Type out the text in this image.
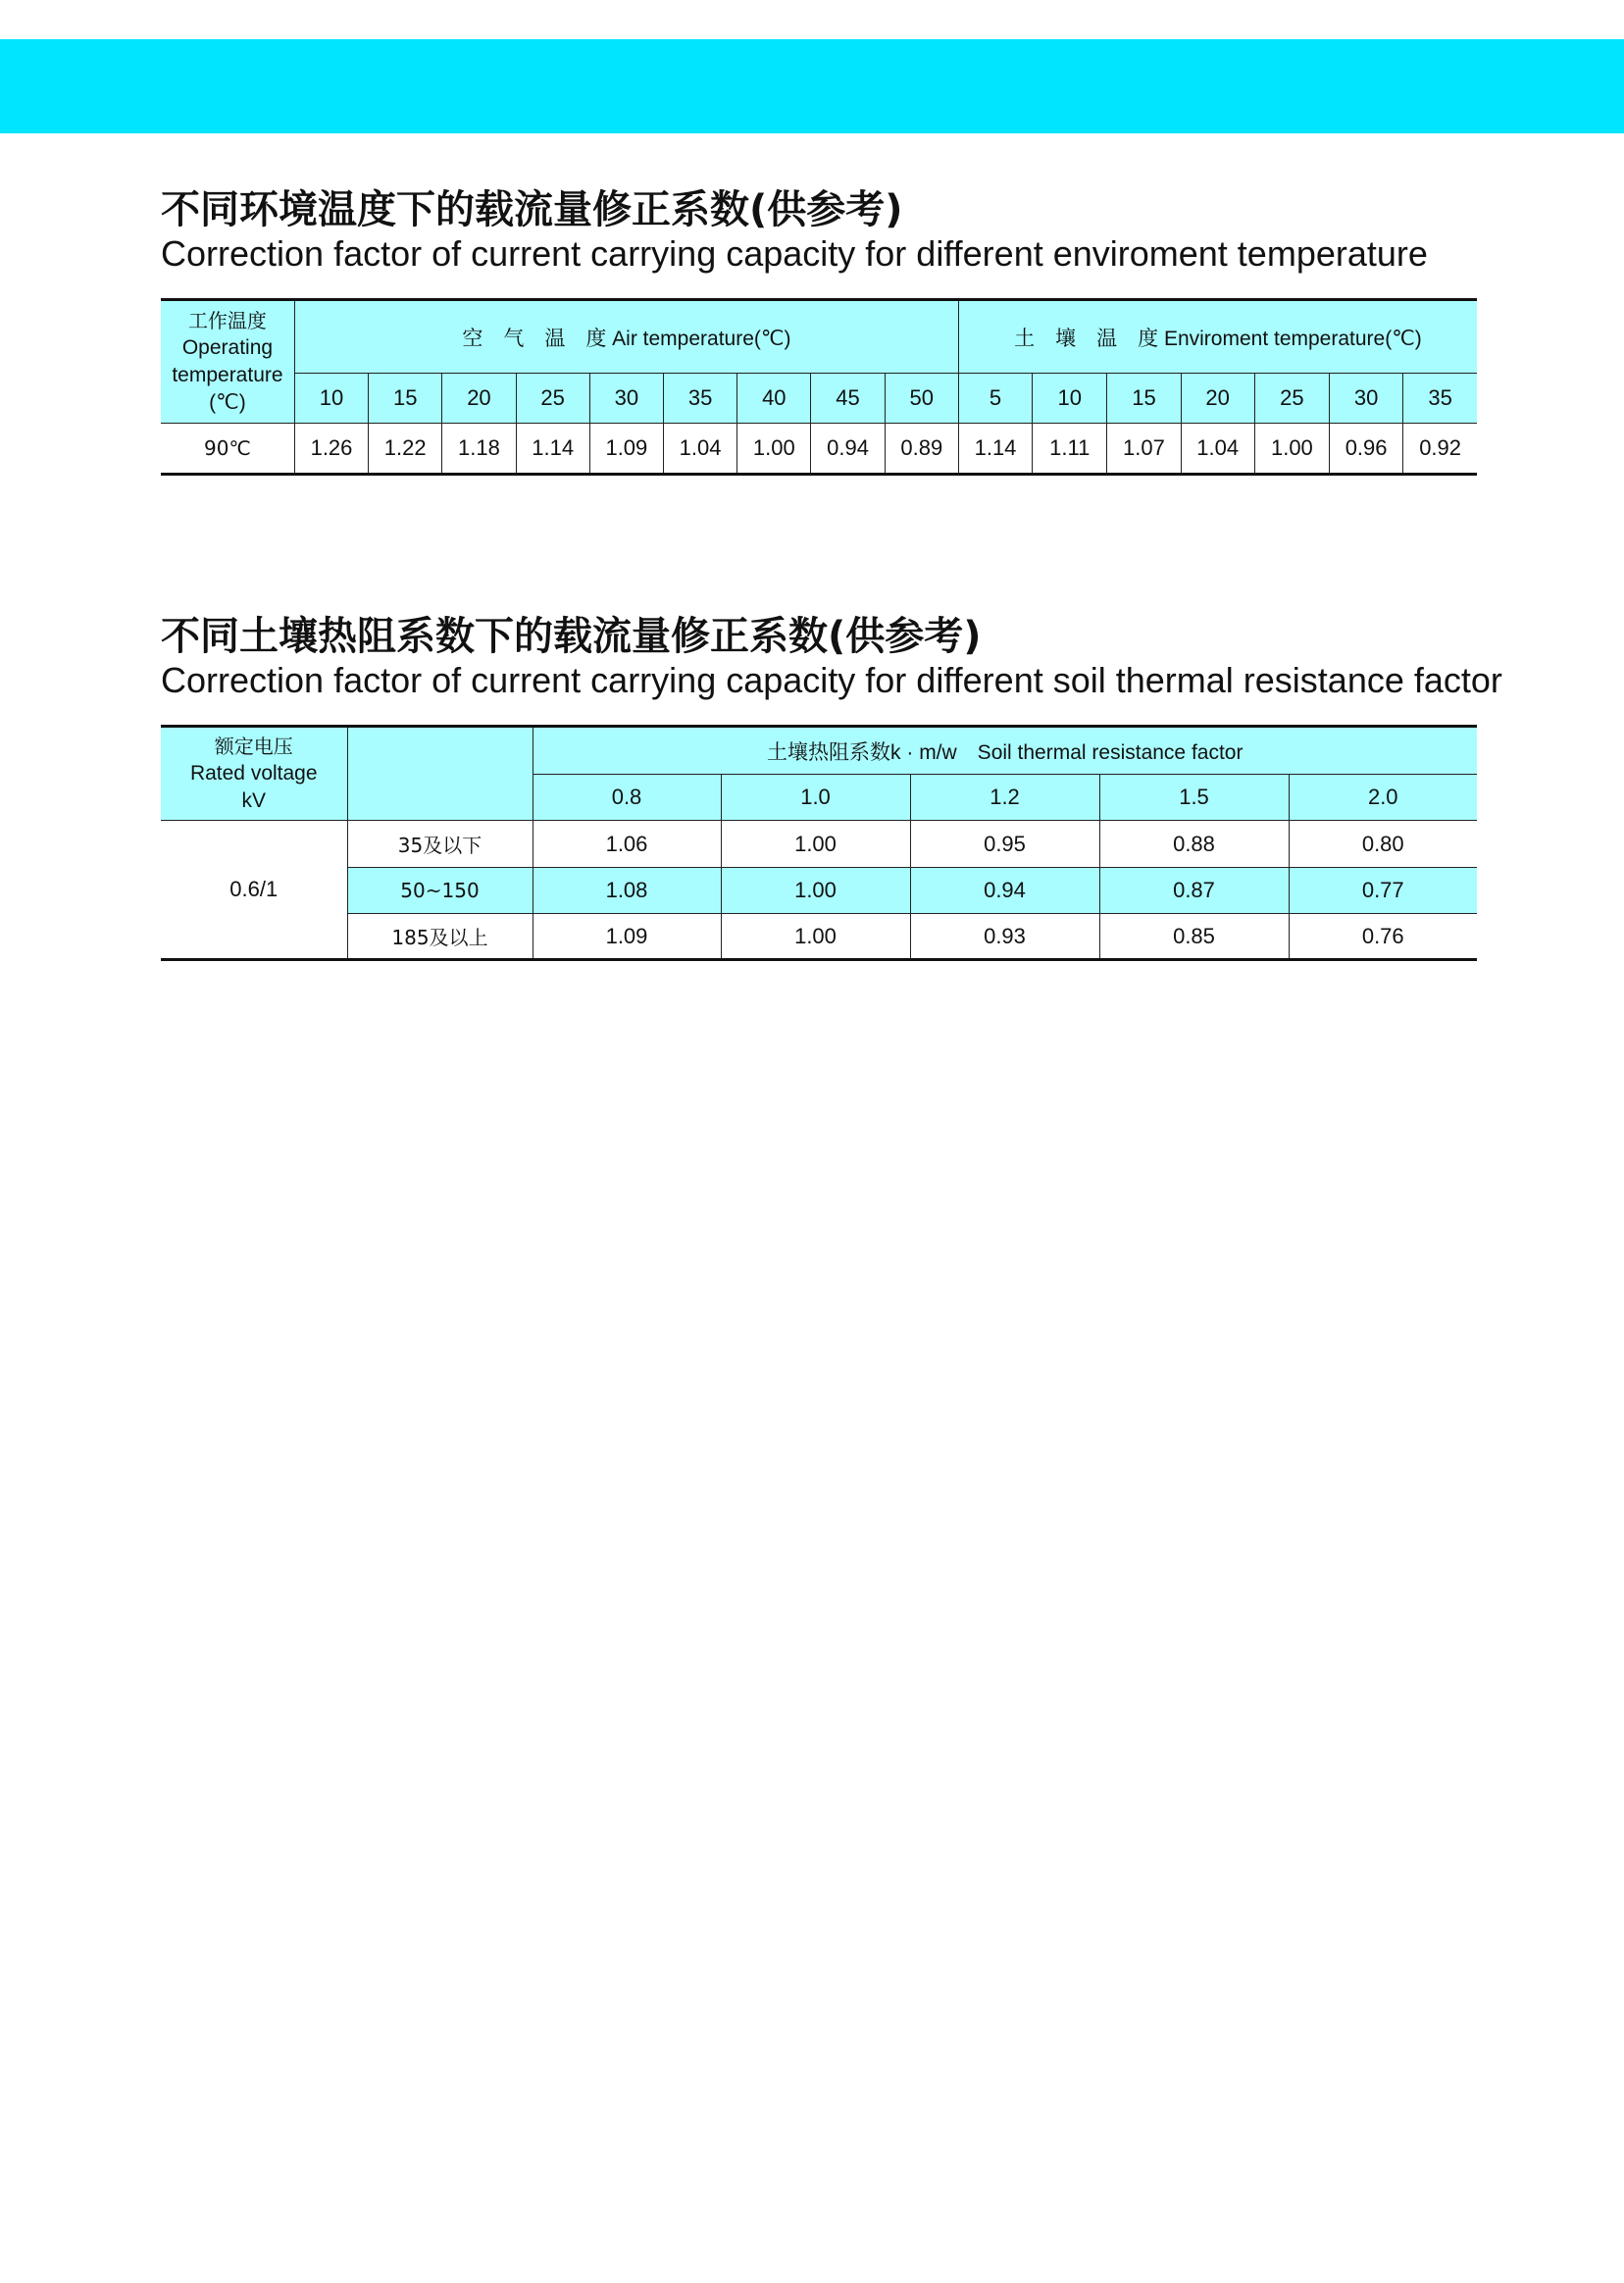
不同环境温度下的载流量修正系数(供参考)
Correction factor of current carrying capacity for different enviroment temperature
工作温度
Operating
temperature
(℃)	空　气　温　度 Air temperature(℃)									土　壤　温　度 Enviroment temperature(℃)						
	10	15	20	25	30	35	40	45	50	5	10	15	20	25	30	35
90℃	1.26	1.22	1.18	1.14	1.09	1.04	1.00	0.94	0.89	1.14	1.11	1.07	1.04	1.00	0.96	0.92
不同土壤热阻系数下的载流量修正系数(供参考)
Correction factor of current carrying capacity for different soil thermal resistance factor
额定电压
Rated voltage
kV		土壤热阻系数k · m/w　Soil thermal resistance factor				
		0.8	1.0	1.2	1.5	2.0
0.6/1	35及以下	1.06	1.00	0.95	0.88	0.80
	50~150	1.08	1.00	0.94	0.87	0.77
	185及以上	1.09	1.00	0.93	0.85	0.76
